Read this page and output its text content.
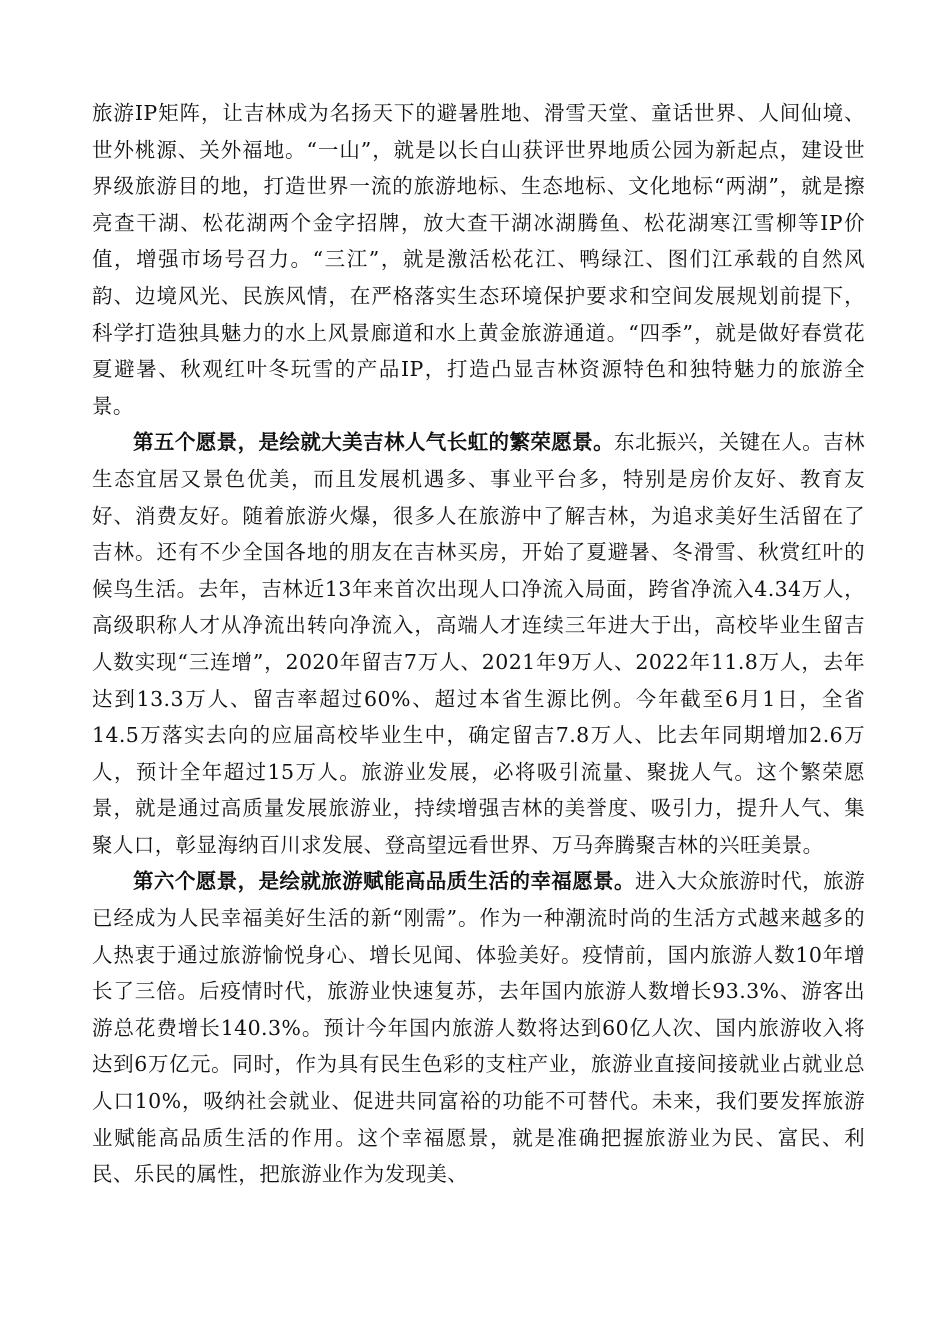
旅游IP矩阵，让吉林成为名扬天下的避暑胜地、滑雪天堂、童话世界、人间仙境、世外桃源、关外福地。“一山”，就是以长白山获评世界地质公园为新起点，建设世界级旅游目的地，打造世界一流的旅游地标、生态地标、文化地标“两湖”，就是擦亮查干湖、松花湖两个金字招牌，放大查干湖冰湖腾鱼、松花湖寒江雪柳等IP价值，增强市场号召力。“三江”，就是激活松花江、鸭绿江、图们江承载的自然风韵、边境风光、民族风情，在严格落实生态环境保护要求和空间发展规划前提下，科学打造独具魅力的水上风景廊道和水上黄金旅游通道。“四季”，就是做好春赏花夏避暑、秋观红叶冬玩雪的产品IP，打造凸显吉林资源特色和独特魅力的旅游全景。

第五个愿景，是绘就大美吉林人气长虹的繁荣愿景。东北振兴，关键在人。吉林生态宜居又景色优美，而且发展机遇多、事业平台多，特别是房价友好、教育友好、消费友好。随着旅游火爆，很多人在旅游中了解吉林，为追求美好生活留在了吉林。还有不少全国各地的朋友在吉林买房，开始了夏避暑、冬滑雪、秋赏红叶的候鸟生活。去年，吉林近13年来首次出现人口净流入局面，跨省净流入4.34万人，高级职称人才从净流出转向净流入，高端人才连续三年进大于出，高校毕业生留吉人数实现“三连增”，2020年留吉7万人、2021年9万人、2022年11.8万人，去年达到13.3万人、留吉率超过60%、超过本省生源比例。今年截至6月1日，全省14.5万落实去向的应届高校毕业生中，确定留吉7.8万人、比去年同期增加2.6万人，预计全年超过15万人。旅游业发展，必将吸引流量、聚拢人气。这个繁荣愿景，就是通过高质量发展旅游业，持续增强吉林的美誉度、吸引力，提升人气、集聚人口，彰显海纳百川求发展、登高望远看世界、万马奔腾聚吉林的兴旺美景。

第六个愿景，是绘就旅游赋能高品质生活的幸福愿景。进入大众旅游时代，旅游已经成为人民幸福美好生活的新“刚需”。作为一种潮流时尚的生活方式越来越多的人热衷于通过旅游愉悦身心、增长见闻、体验美好。疫情前，国内旅游人数10年增长了三倍。后疫情时代，旅游业快速复苏，去年国内旅游人数增长93.3%、游客出游总花费增长140.3%。预计今年国内旅游人数将达到60亿人次、国内旅游收入将达到6万亿元。同时，作为具有民生色彩的支柱产业，旅游业直接间接就业占就业总人口10%，吸纳社会就业、促进共同富裕的功能不可替代。未来，我们要发挥旅游业赋能高品质生活的作用。这个幸福愿景，就是准确把握旅游业为民、富民、利民、乐民的属性，把旅游业作为发现美、
